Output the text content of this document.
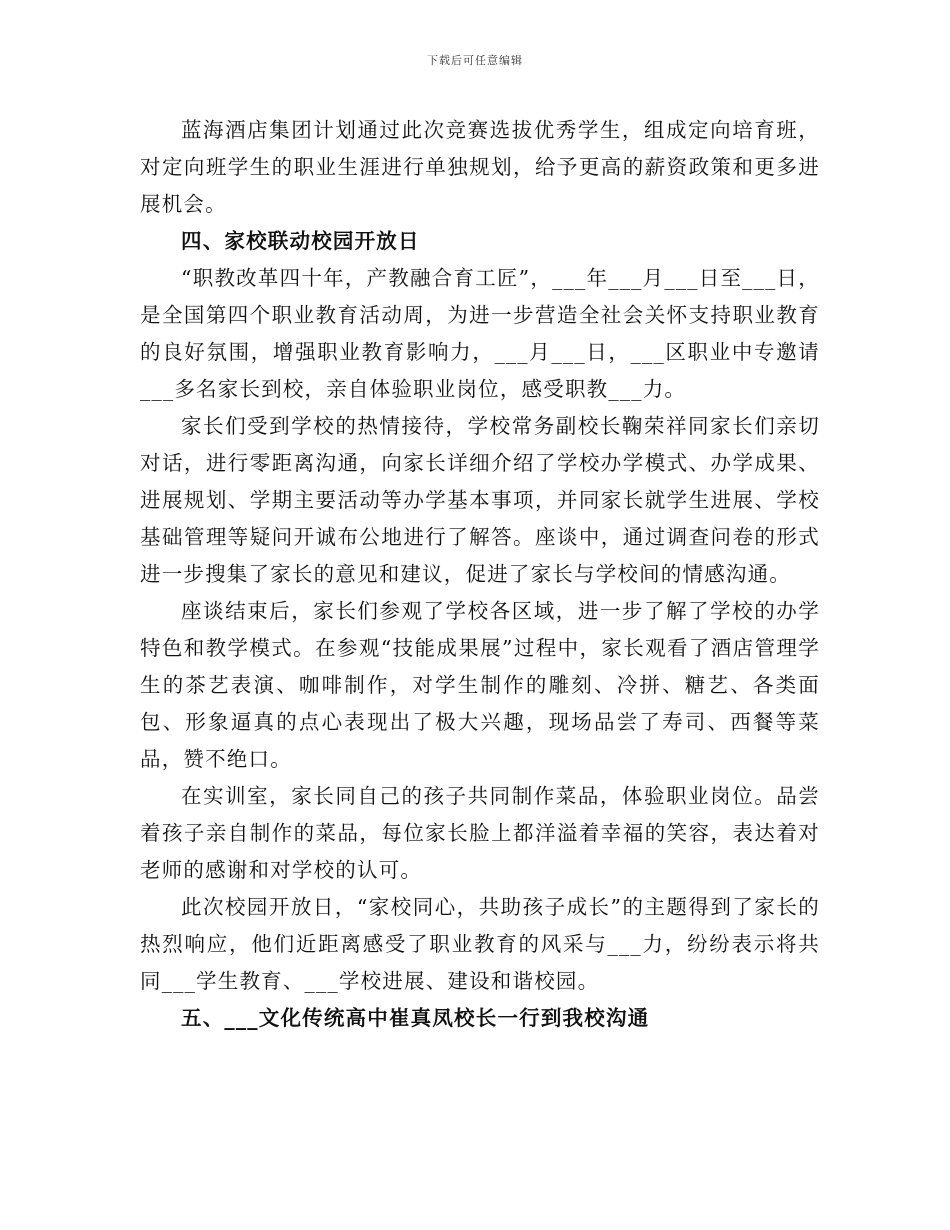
下载后可任意编辑

蓝海酒店集团计划通过此次竞赛选拔优秀学生，组成定向培育班，对定向班学生的职业生涯进行单独规划，给予更高的薪资政策和更多进展机会。

四、家校联动校园开放日

“职教改革四十年，产教融合育工匠”，___年___月___日至___日，是全国第四个职业教育活动周，为进一步营造全社会关怀支持职业教育的良好氛围，增强职业教育影响力，___月___日，___区职业中专邀请___多名家长到校，亲自体验职业岗位，感受职教___力。

家长们受到学校的热情接待，学校常务副校长鞠荣祥同家长们亲切对话，进行零距离沟通，向家长详细介绍了学校办学模式、办学成果、进展规划、学期主要活动等办学基本事项，并同家长就学生进展、学校基础管理等疑问开诚布公地进行了解答。座谈中，通过调查问卷的形式进一步搜集了家长的意见和建议，促进了家长与学校间的情感沟通。

座谈结束后，家长们参观了学校各区域，进一步了解了学校的办学特色和教学模式。在参观“技能成果展”过程中，家长观看了酒店管理学生的茶艺表演、咖啡制作，对学生制作的雕刻、冷拼、糖艺、各类面包、形象逼真的点心表现出了极大兴趣，现场品尝了寿司、西餐等菜品，赞不绝口。

在实训室，家长同自己的孩子共同制作菜品，体验职业岗位。品尝着孩子亲自制作的菜品，每位家长脸上都洋溢着幸福的笑容，表达着对老师的感谢和对学校的认可。

此次校园开放日，“家校同心，共助孩子成长”的主题得到了家长的热烈响应，他们近距离感受了职业教育的风采与___力，纷纷表示将共同___学生教育、___学校进展、建设和谐校园。

五、___文化传统高中崔真凤校长一行到我校沟通
